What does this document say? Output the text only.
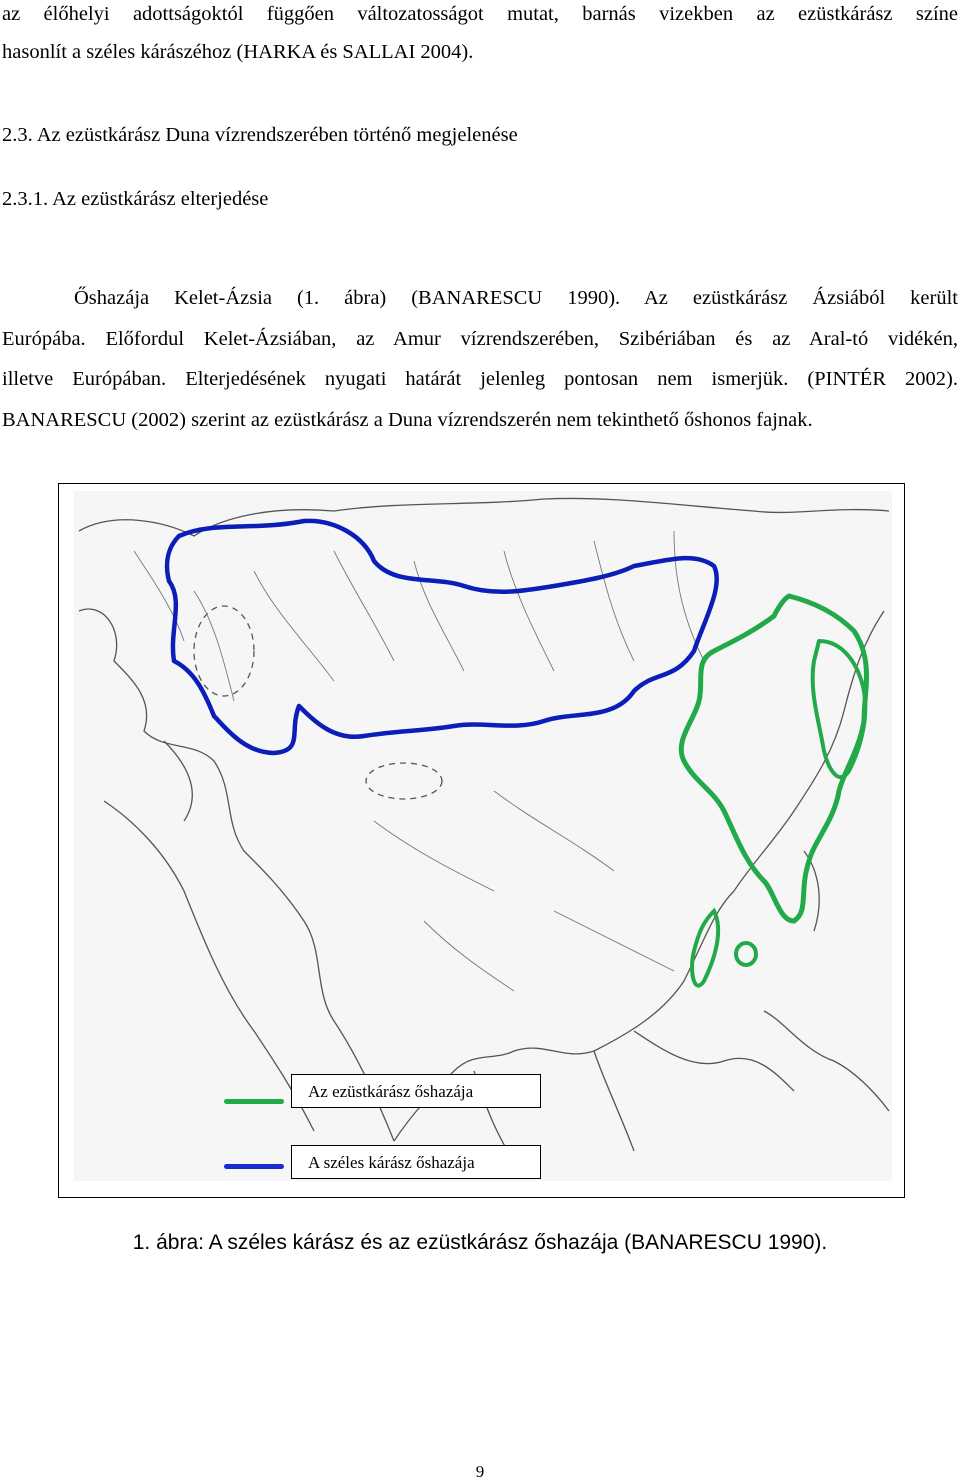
az élőhelyi adottságoktól függően változatosságot mutat, barnás vizekben az ezüstkárász színe

hasonlít a széles kárászéhoz (HARKA és SALLAI 2004).

2.3. Az ezüstkárász Duna vízrendszerében történő megjelenése

2.3.1. Az ezüstkárász elterjedése

Őshazája Kelet-Ázsia (1. ábra) (BANARESCU 1990). Az ezüstkárász Ázsiából került

Európába. Előfordul Kelet-Ázsiában, az Amur vízrendszerében, Szibériában és az Aral-tó vidékén,

illetve Európában. Elterjedésének nyugati határát jelenleg pontosan nem ismerjük. (PINTÉR 2002).

BANARESCU (2002) szerint az ezüstkárász a Duna vízrendszerén nem tekinthető őshonos fajnak.

Az ezüstkárász őshazája
A széles kárász őshazája
1. ábra: A széles kárász és az ezüstkárász őshazája (BANARESCU 1990).
9
